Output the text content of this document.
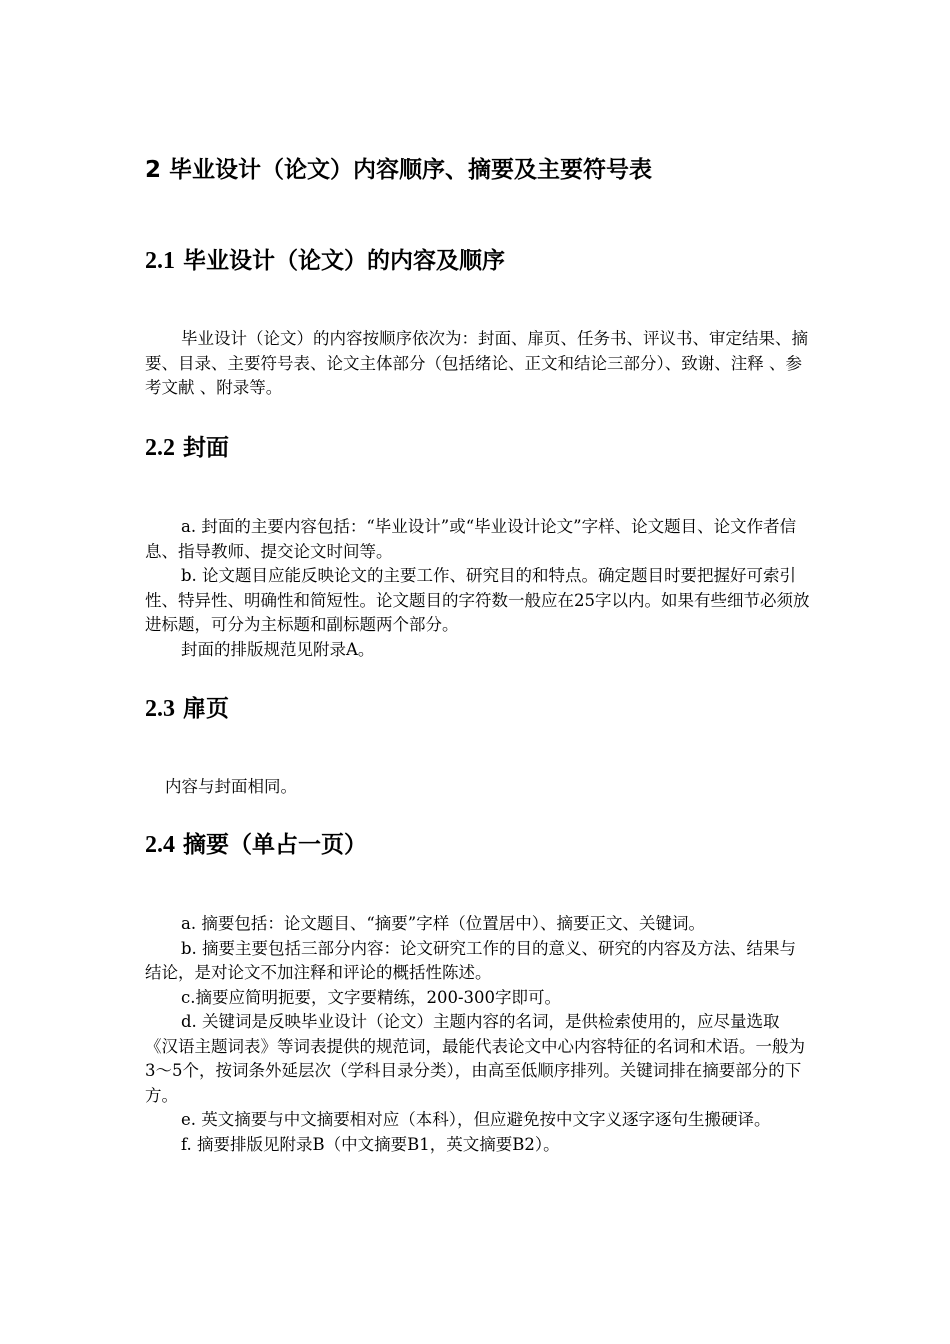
2 毕业设计（论文）内容顺序、摘要及主要符号表
2.1 毕业设计（论文）的内容及顺序

毕业设计（论文）的内容按顺序依次为：封面、扉页、任务书、评议书、审定结果、摘要、目录、主要符号表、论文主体部分（包括绪论、正文和结论三部分）、致谢、注释 、参考文献 、附录等。

2.2 封面

a. 封面的主要内容包括：“毕业设计”或“毕业设计论文”字样、论文题目、论文作者信息、指导教师、提交论文时间等。

b. 论文题目应能反映论文的主要工作、研究目的和特点。确定题目时要把握好可索引性、特异性、明确性和简短性。论文题目的字符数一般应在25字以内。如果有些细节必须放进标题，可分为主标题和副标题两个部分。

封面的排版规范见附录A。

2.3 扉页

内容与封面相同。

2.4 摘要（单占一页）

a. 摘要包括：论文题目、“摘要”字样（位置居中）、摘要正文、关键词。

b. 摘要主要包括三部分内容：论文研究工作的目的意义、研究的内容及方法、结果与结论，是对论文不加注释和评论的概括性陈述。

c.摘要应简明扼要，文字要精练，200-300字即可。

d. 关键词是反映毕业设计（论文）主题内容的名词，是供检索使用的，应尽量选取《汉语主题词表》等词表提供的规范词，最能代表论文中心内容特征的名词和术语。一般为3～5个，按词条外延层次（学科目录分类），由高至低顺序排列。关键词排在摘要部分的下方。

e. 英文摘要与中文摘要相对应（本科），但应避免按中文字义逐字逐句生搬硬译。

f. 摘要排版见附录B（中文摘要B1，英文摘要B2）。
